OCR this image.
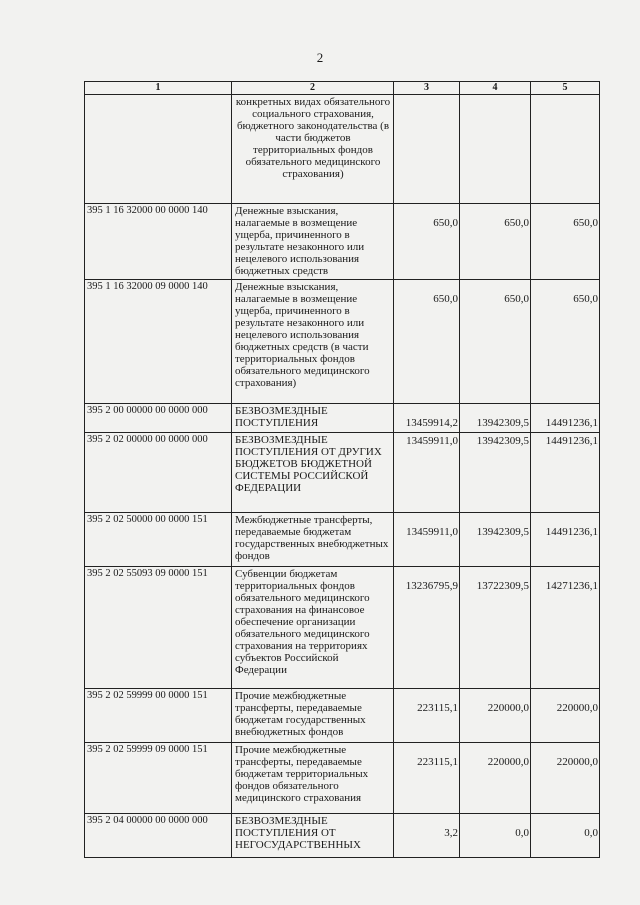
2
1	2	3	4	5
	конкретных видах обязательного социального страхования, бюджетного законодательства (в части бюджетов территориальных фондов обязательного медицинского страхования)			
395 1 16 32000 00 0000 140	Денежные взыскания, налагаемые в возмещение ущерба, причиненного в результате незаконного или нецелевого использования бюджетных средств	650,0	650,0	650,0
395 1 16 32000 09 0000 140	Денежные взыскания, налагаемые в возмещение ущерба, причиненного в результате незаконного или нецелевого использования бюджетных средств (в части территориальных фондов обязательного медицинского страхования)	650,0	650,0	650,0
395 2 00 00000 00 0000 000	БЕЗВОЗМЕЗДНЫЕ ПОСТУПЛЕНИЯ	13459914,2	13942309,5	14491236,1
395 2 02 00000 00 0000 000	БЕЗВОЗМЕЗДНЫЕ ПОСТУПЛЕНИЯ ОТ ДРУГИХ БЮДЖЕТОВ БЮДЖЕТНОЙ СИСТЕМЫ РОССИЙСКОЙ ФЕДЕРАЦИИ	13459911,0	13942309,5	14491236,1
395 2 02 50000 00 0000 151	Межбюджетные трансферты, передаваемые бюджетам государственных внебюджетных фондов	13459911,0	13942309,5	14491236,1
395 2 02 55093 09 0000 151	Субвенции бюджетам территориальных фондов обязательного медицинского страхования на финансовое обеспечение организации обязательного медицинского страхования на территориях субъектов Российской Федерации	13236795,9	13722309,5	14271236,1
395 2 02 59999 00 0000 151	Прочие межбюджетные трансферты, передаваемые бюджетам государственных внебюджетных фондов	223115,1	220000,0	220000,0
395 2 02 59999 09 0000 151	Прочие межбюджетные трансферты, передаваемые бюджетам территориальных фондов обязательного медицинского страхования	223115,1	220000,0	220000,0
395 2 04 00000 00 0000 000	БЕЗВОЗМЕЗДНЫЕ ПОСТУПЛЕНИЯ ОТ НЕГОСУДАРСТВЕННЫХ	3,2	0,0	0,0
